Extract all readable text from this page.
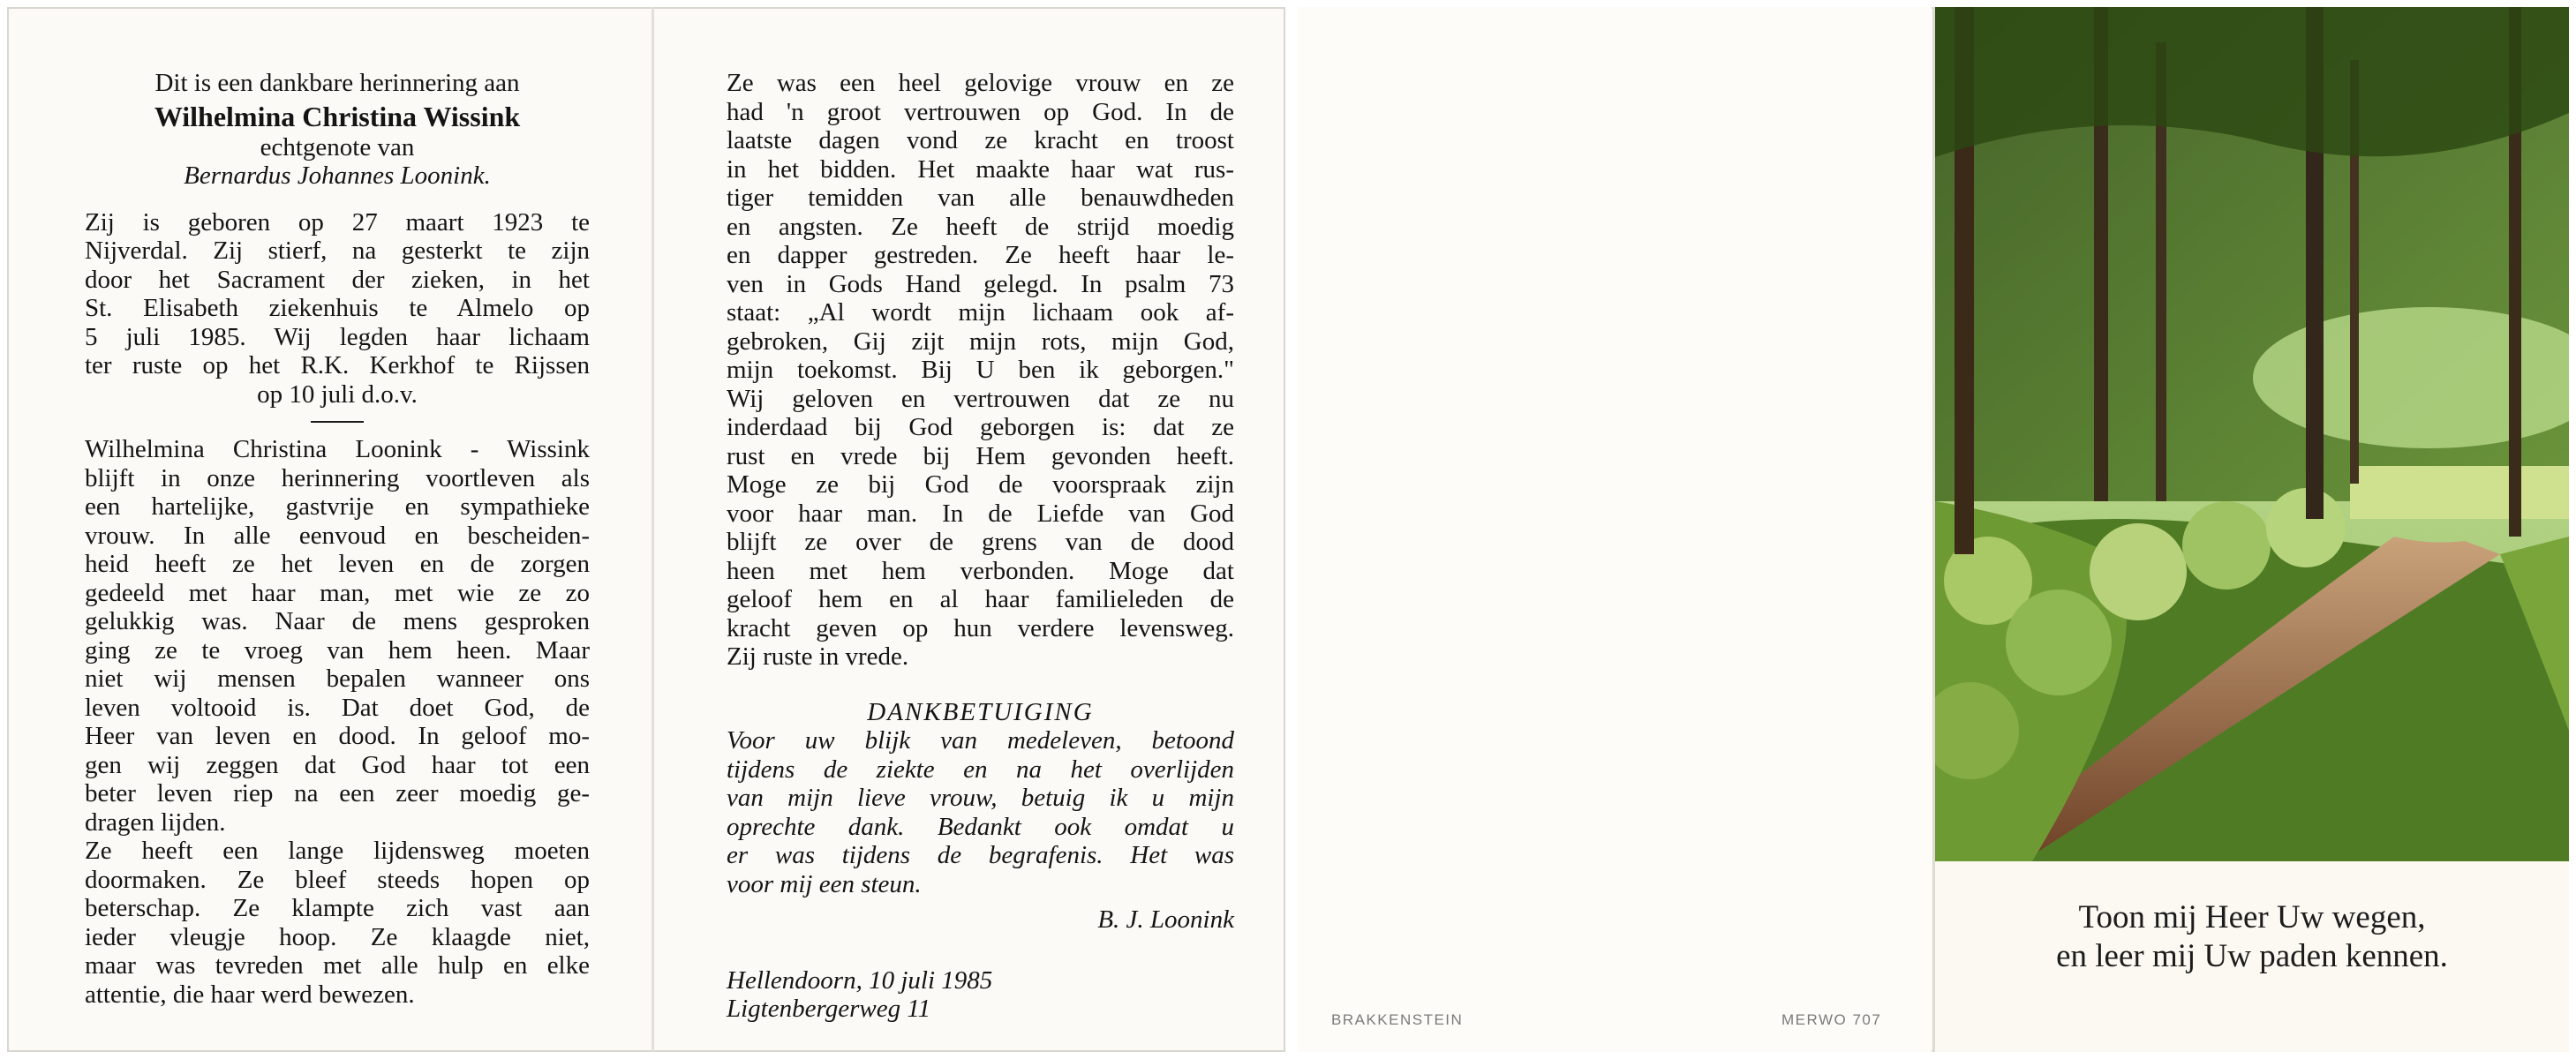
Dit is een dankbare herinnering aan

Wilhelmina Christina Wissink

echtgenote van

Bernardus Johannes Loonink.

Zij is geboren op 27 maart 1923 te
Nijverdal. Zij stierf, na gesterkt te zijn
door het Sacrament der zieken, in het
St. Elisabeth ziekenhuis te Almelo op
5 juli 1985. Wij legden haar lichaam
ter ruste op het R.K. Kerkhof te Rijssen
op 10 juli d.o.v.
Wilhelmina Christina Loonink - Wissink
blijft in onze herinnering voortleven als
een hartelijke, gastvrije en sympathieke
vrouw. In alle eenvoud en bescheiden-
heid heeft ze het leven en de zorgen
gedeeld met haar man, met wie ze zo
gelukkig was. Naar de mens gesproken
ging ze te vroeg van hem heen. Maar
niet wij mensen bepalen wanneer ons
leven voltooid is. Dat doet God, de
Heer van leven en dood. In geloof mo-
gen wij zeggen dat God haar tot een
beter leven riep na een zeer moedig ge-
dragen lijden.
Ze heeft een lange lijdensweg moeten
doormaken. Ze bleef steeds hopen op
beterschap. Ze klampte zich vast aan
ieder vleugje hoop. Ze klaagde niet,
maar was tevreden met alle hulp en elke
attentie, die haar werd bewezen.
Ze was een heel gelovige vrouw en ze
had 'n groot vertrouwen op God. In de
laatste dagen vond ze kracht en troost
in het bidden. Het maakte haar wat rus-
tiger temidden van alle benauwdheden
en angsten. Ze heeft de strijd moedig
en dapper gestreden. Ze heeft haar le-
ven in Gods Hand gelegd. In psalm 73
staat: „Al wordt mijn lichaam ook af-
gebroken, Gij zijt mijn rots, mijn God,
mijn toekomst. Bij U ben ik geborgen."
Wij geloven en vertrouwen dat ze nu
inderdaad bij God geborgen is: dat ze
rust en vrede bij Hem gevonden heeft.
Moge ze bij God de voorspraak zijn
voor haar man. In de Liefde van God
blijft ze over de grens van de dood
heen met hem verbonden. Moge dat
geloof hem en al haar familieleden de
kracht geven op hun verdere levensweg.
Zij ruste in vrede.

DANKBETUIGING

Voor uw blijk van medeleven, betoond
tijdens de ziekte en na het overlijden
van mijn lieve vrouw, betuig ik u mijn
oprechte dank. Bedankt ook omdat u
er was tijdens de begrafenis. Het was
voor mij een steun.

B. J. Loonink

Hellendoorn, 10 juli 1985

Ligtenbergerweg 11	BRAKKENSTEIN	MERWO 707
Toon mij Heer Uw wegen,
en leer mij Uw paden kennen.
